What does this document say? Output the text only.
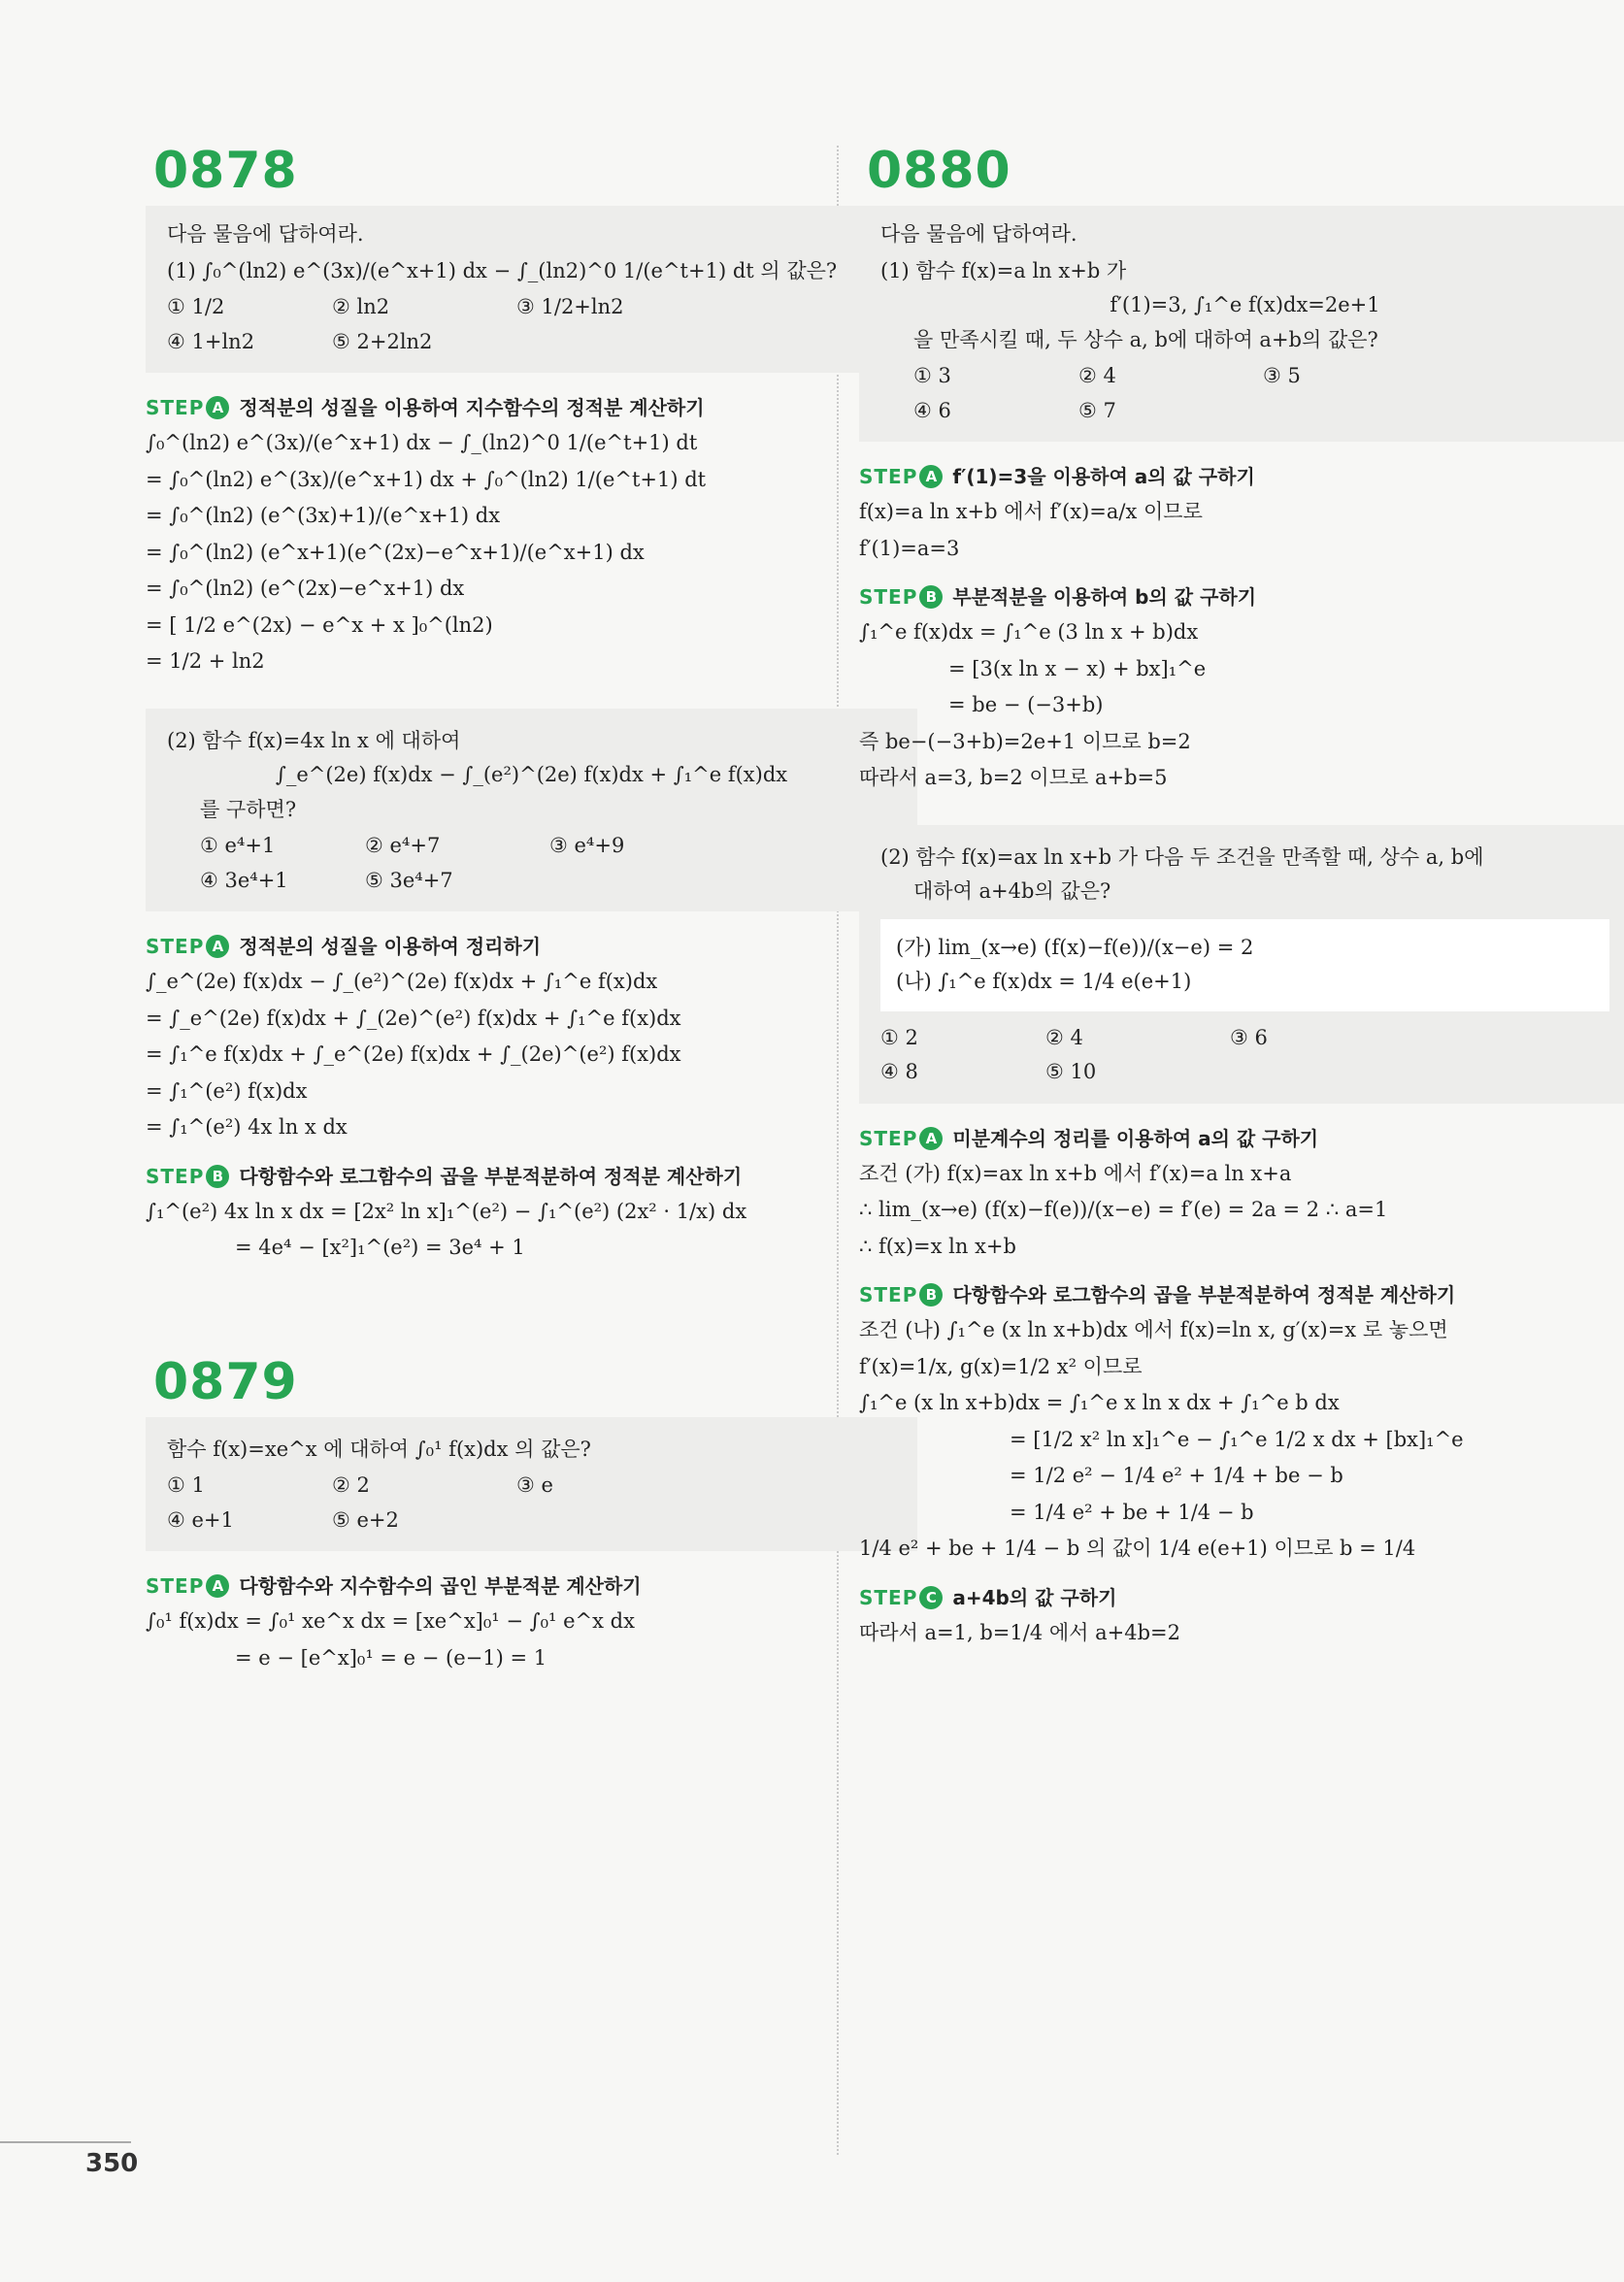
0878

다음 물음에 답하여라.

(1) ∫₀^(ln2) e^(3x)/(e^x+1) dx − ∫_(ln2)^0 1/(e^t+1) dt 의 값은?
① 1/2	② ln2	③ 1/2+ln2
④ 1+ln2	⑤ 2+2ln2
STEP A 정적분의 성질을 이용하여 지수함수의 정적분 계산하기
∫₀^(ln2) e^(3x)/(e^x+1) dx − ∫_(ln2)^0 1/(e^t+1) dt
= ∫₀^(ln2) e^(3x)/(e^x+1) dx + ∫₀^(ln2) 1/(e^t+1) dt
= ∫₀^(ln2) (e^(3x)+1)/(e^x+1) dx
= ∫₀^(ln2) (e^x+1)(e^(2x)−e^x+1)/(e^x+1) dx
= ∫₀^(ln2) (e^(2x)−e^x+1) dx
= [ 1/2 e^(2x) − e^x + x ]₀^(ln2)
= 1/2 + ln2
(2) 함수 f(x)=4x ln x 에 대하여
∫_e^(2e) f(x)dx − ∫_(e²)^(2e) f(x)dx + ∫₁^e f(x)dx
를 구하면?
① e⁴+1	② e⁴+7	③ e⁴+9
④ 3e⁴+1	⑤ 3e⁴+7
STEP A 정적분의 성질을 이용하여 정리하기
∫_e^(2e) f(x)dx − ∫_(e²)^(2e) f(x)dx + ∫₁^e f(x)dx
= ∫_e^(2e) f(x)dx + ∫_(2e)^(e²) f(x)dx + ∫₁^e f(x)dx
= ∫₁^e f(x)dx + ∫_e^(2e) f(x)dx + ∫_(2e)^(e²) f(x)dx
= ∫₁^(e²) f(x)dx
= ∫₁^(e²) 4x ln x dx
STEP B 다항함수와 로그함수의 곱을 부분적분하여 정적분 계산하기
∫₁^(e²) 4x ln x dx = [2x² ln x]₁^(e²) − ∫₁^(e²) (2x² · 1/x) dx
= 4e⁴ − [x²]₁^(e²) = 3e⁴ + 1
0879
함수 f(x)=xe^x 에 대하여 ∫₀¹ f(x)dx 의 값은?
① 1	② 2	③ e
④ e+1	⑤ e+2
STEP A 다항함수와 지수함수의 곱인 부분적분 계산하기
∫₀¹ f(x)dx = ∫₀¹ xe^x dx = [xe^x]₀¹ − ∫₀¹ e^x dx
= e − [e^x]₀¹ = e − (e−1) = 1
0880

다음 물음에 답하여라.

(1) 함수 f(x)=a ln x+b 가
f′(1)=3, ∫₁^e f(x)dx=2e+1
을 만족시킬 때, 두 상수 a, b에 대하여 a+b의 값은?
① 3	② 4	③ 5
④ 6	⑤ 7
STEP A f′(1)=3을 이용하여 a의 값 구하기
f(x)=a ln x+b 에서 f′(x)=a/x 이므로
f′(1)=a=3
STEP B 부분적분을 이용하여 b의 값 구하기
∫₁^e f(x)dx = ∫₁^e (3 ln x + b)dx
= [3(x ln x − x) + bx]₁^e
= be − (−3+b)
즉 be−(−3+b)=2e+1 이므로 b=2
따라서 a=3, b=2 이므로 a+b=5
(2) 함수 f(x)=ax ln x+b 가 다음 두 조건을 만족할 때, 상수 a, b에
대하여 a+4b의 값은?
(가) lim_(x→e) (f(x)−f(e))/(x−e) = 2
(나) ∫₁^e f(x)dx = 1/4 e(e+1)
① 2	② 4	③ 6
④ 8	⑤ 10
STEP A 미분계수의 정리를 이용하여 a의 값 구하기
조건 (가) f(x)=ax ln x+b 에서 f′(x)=a ln x+a
∴ lim_(x→e) (f(x)−f(e))/(x−e) = f′(e) = 2a = 2 ∴ a=1
∴ f(x)=x ln x+b
STEP B 다항함수와 로그함수의 곱을 부분적분하여 정적분 계산하기
조건 (나) ∫₁^e (x ln x+b)dx 에서 f(x)=ln x, g′(x)=x 로 놓으면
f′(x)=1/x, g(x)=1/2 x² 이므로
∫₁^e (x ln x+b)dx = ∫₁^e x ln x dx + ∫₁^e b dx
= [1/2 x² ln x]₁^e − ∫₁^e 1/2 x dx + [bx]₁^e
= 1/2 e² − 1/4 e² + 1/4 + be − b
= 1/4 e² + be + 1/4 − b
1/4 e² + be + 1/4 − b 의 값이 1/4 e(e+1) 이므로 b = 1/4
STEP C a+4b의 값 구하기
따라서 a=1, b=1/4 에서 a+4b=2
350
